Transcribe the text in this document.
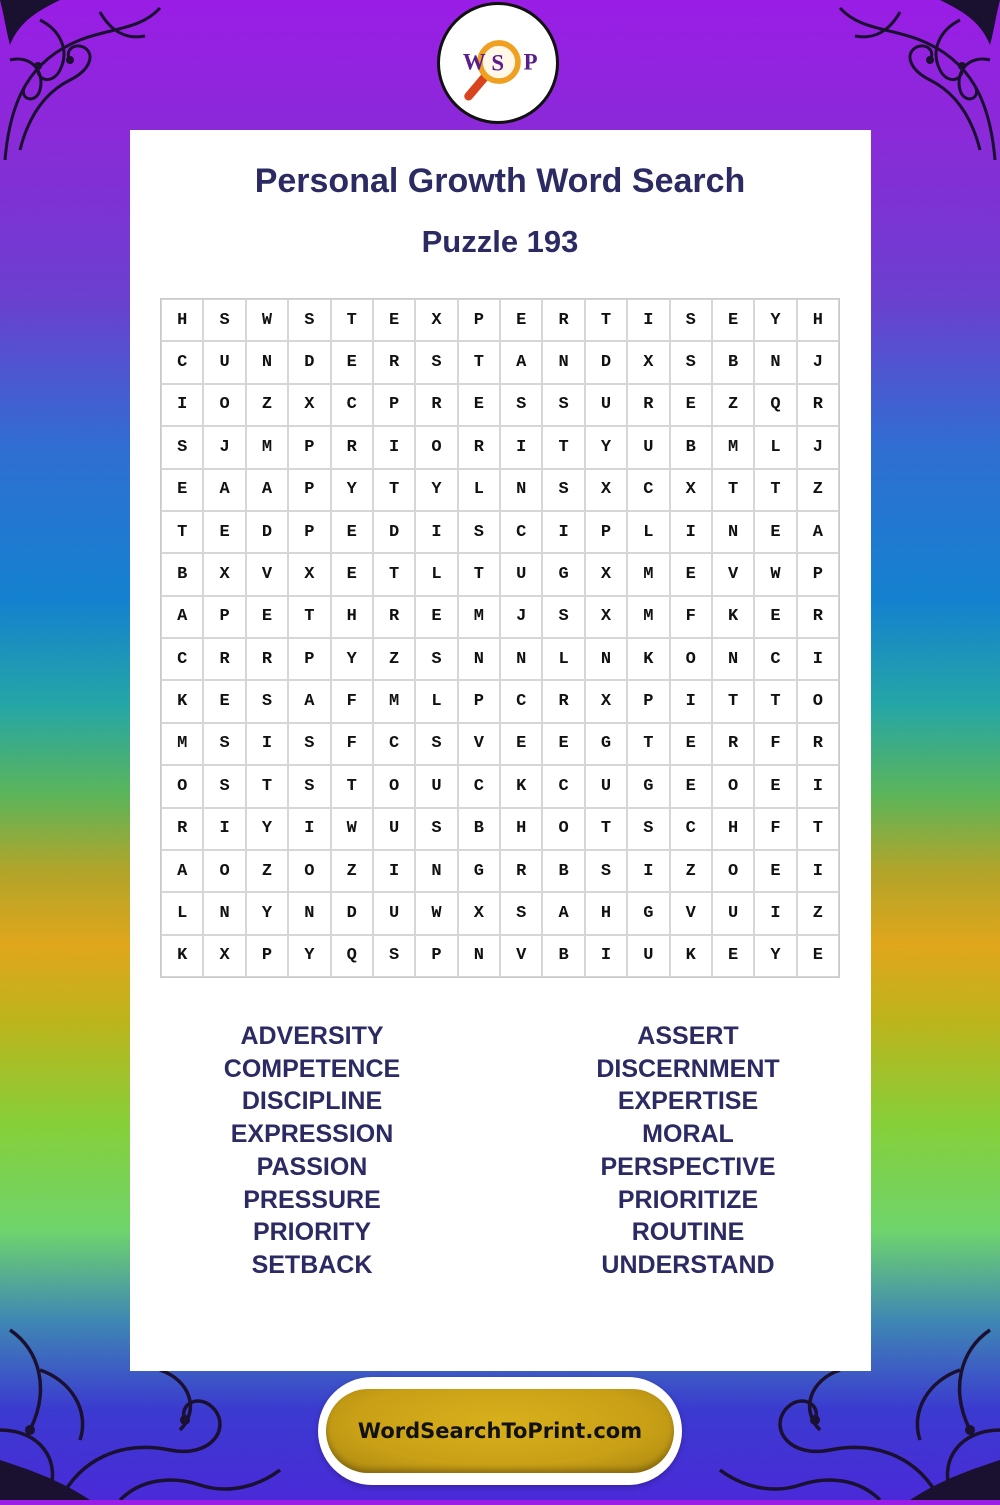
W S P
Personal Growth Word Search
Puzzle 193
H	S	W	S	T	E	X	P	E	R	T	I	S	E	Y	H
C	U	N	D	E	R	S	T	A	N	D	X	S	B	N	J
I	O	Z	X	C	P	R	E	S	S	U	R	E	Z	Q	R
S	J	M	P	R	I	O	R	I	T	Y	U	B	M	L	J
E	A	A	P	Y	T	Y	L	N	S	X	C	X	T	T	Z
T	E	D	P	E	D	I	S	C	I	P	L	I	N	E	A
B	X	V	X	E	T	L	T	U	G	X	M	E	V	W	P
A	P	E	T	H	R	E	M	J	S	X	M	F	K	E	R
C	R	R	P	Y	Z	S	N	N	L	N	K	O	N	C	I
K	E	S	A	F	M	L	P	C	R	X	P	I	T	T	O
M	S	I	S	F	C	S	V	E	E	G	T	E	R	F	R
O	S	T	S	T	O	U	C	K	C	U	G	E	O	E	I
R	I	Y	I	W	U	S	B	H	O	T	S	C	H	F	T
A	O	Z	O	Z	I	N	G	R	B	S	I	Z	O	E	I
L	N	Y	N	D	U	W	X	S	A	H	G	V	U	I	Z
K	X	P	Y	Q	S	P	N	V	B	I	U	K	E	Y	E
ADVERSITY
COMPETENCE
DISCIPLINE
EXPRESSION
PASSION
PRESSURE
PRIORITY
SETBACK
ASSERT
DISCERNMENT
EXPERTISE
MORAL
PERSPECTIVE
PRIORITIZE
ROUTINE
UNDERSTAND
WordSearchToPrint.com
